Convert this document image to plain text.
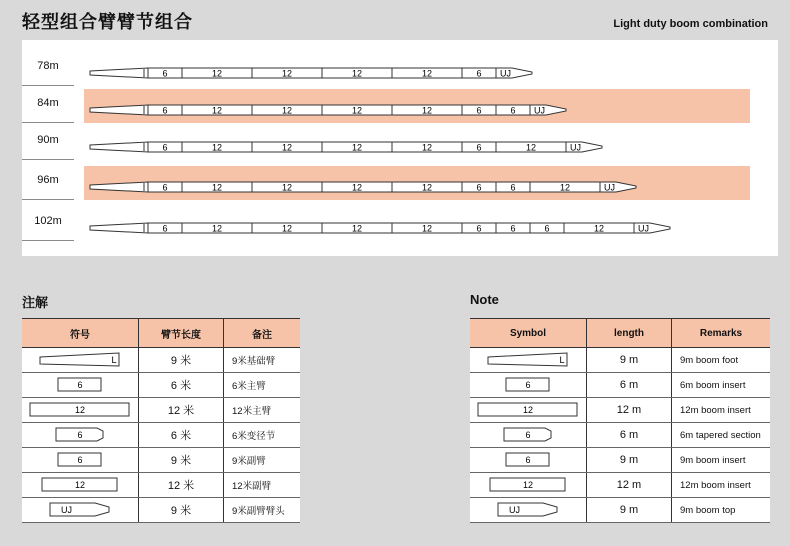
轻型组合臂臂节组合	Light duty boom combination
78m
6	12	12	12	12	6 UJ
84m
6	12	12	12	12	6	6 UJ
90m
6	12	12	12	12	6	12	UJ
96m
6	12	12	12	12	6	6	12	UJ
102m
6	12	12	12	12	6	6	6	12	UJ
注解
符号	臂节长度	备注

L	9 米	9米基础臂

6	6 米	6米主臂

12	12 米	12米主臂

6	6 米	6米变径节

6	9 米	9米副臂

12	12 米	12米副臂

UJ	9 米	9米副臂臂头
Note
Symbol	length	Remarks

L	9 m	9m boom foot

6	6 m	6m boom insert

12	12 m	12m boom insert

6	6 m	6m tapered section

6	9 m	9m boom insert

12	12 m	12m boom insert

UJ	9 m	9m boom top
